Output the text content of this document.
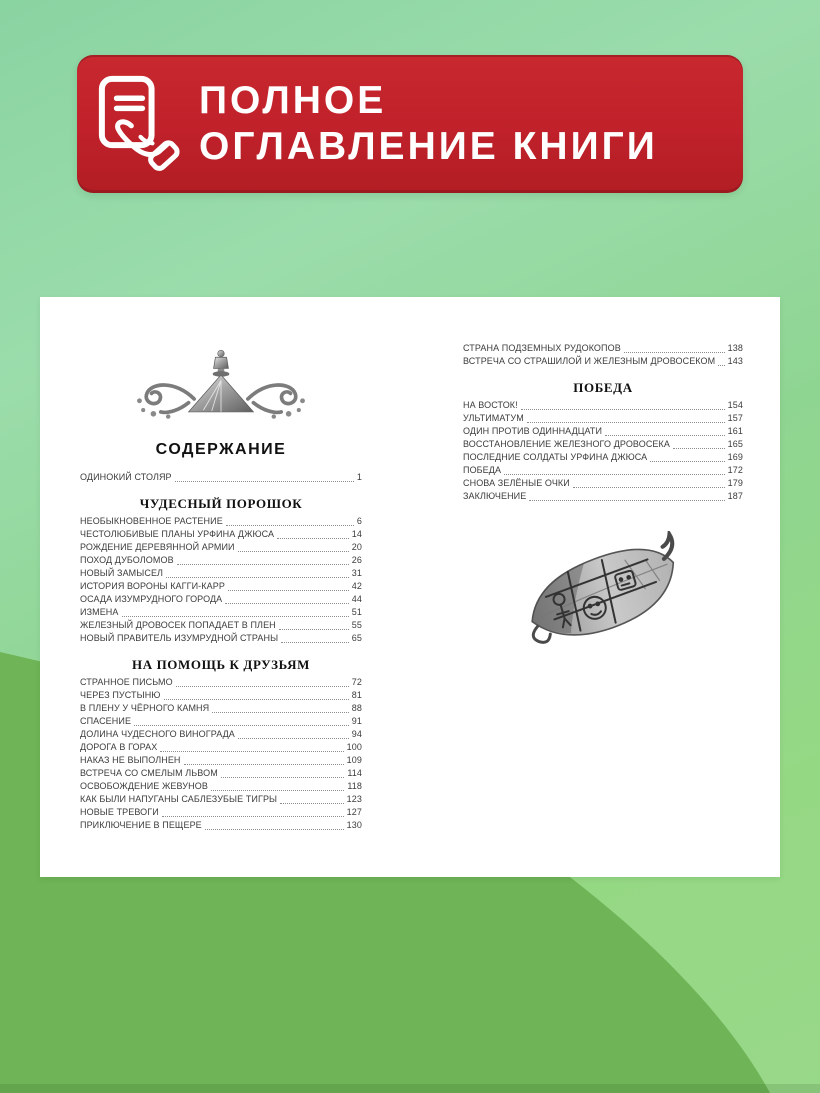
ПОЛНОЕ
ОГЛАВЛЕНИЕ КНИГИ
СОДЕРЖАНИЕ
ОДИНОКИЙ СТОЛЯР	1
ЧУДЕСНЫЙ ПОРОШОК
НЕОБЫКНОВЕННОЕ РАСТЕНИЕ	6
ЧЕСТОЛЮБИВЫЕ ПЛАНЫ УРФИНА ДЖЮСА	14
РОЖДЕНИЕ ДЕРЕВЯННОЙ АРМИИ	20
ПОХОД ДУБОЛОМОВ	26
НОВЫЙ ЗАМЫСЕЛ	31
ИСТОРИЯ ВОРОНЫ КАГГИ-КАРР	42
ОСАДА ИЗУМРУДНОГО ГОРОДА	44
ИЗМЕНА	51
ЖЕЛЕЗНЫЙ ДРОВОСЕК ПОПАДАЕТ В ПЛЕН	55
НОВЫЙ ПРАВИТЕЛЬ ИЗУМРУДНОЙ СТРАНЫ	65
НА ПОМОЩЬ К ДРУЗЬЯМ
СТРАННОЕ ПИСЬМО	72
ЧЕРЕЗ ПУСТЫНЮ	81
В ПЛЕНУ У ЧЁРНОГО КАМНЯ	88
СПАСЕНИЕ	91
ДОЛИНА ЧУДЕСНОГО ВИНОГРАДА	94
ДОРОГА В ГОРАХ	100
НАКАЗ НЕ ВЫПОЛНЕН	109
ВСТРЕЧА СО СМЕЛЫМ ЛЬВОМ	114
ОСВОБОЖДЕНИЕ ЖЕВУНОВ	118
КАК БЫЛИ НАПУГАНЫ САБЛЕЗУБЫЕ ТИГРЫ	123
НОВЫЕ ТРЕВОГИ	127
ПРИКЛЮЧЕНИЕ В ПЕЩЕРЕ	130
СТРАНА ПОДЗЕМНЫХ РУДОКОПОВ	138
ВСТРЕЧА СО СТРАШИЛОЙ И ЖЕЛЕЗНЫМ ДРОВОСЕКОМ 143
ПОБЕДА
НА ВОСТОК!	154
УЛЬТИМАТУМ	157
ОДИН ПРОТИВ ОДИННАДЦАТИ	161
ВОССТАНОВЛЕНИЕ ЖЕЛЕЗНОГО ДРОВОСЕКА	165
ПОСЛЕДНИЕ СОЛДАТЫ УРФИНА ДЖЮСА	169
ПОБЕДА	172
СНОВА ЗЕЛЁНЫЕ ОЧКИ	179
ЗАКЛЮЧЕНИЕ	187
